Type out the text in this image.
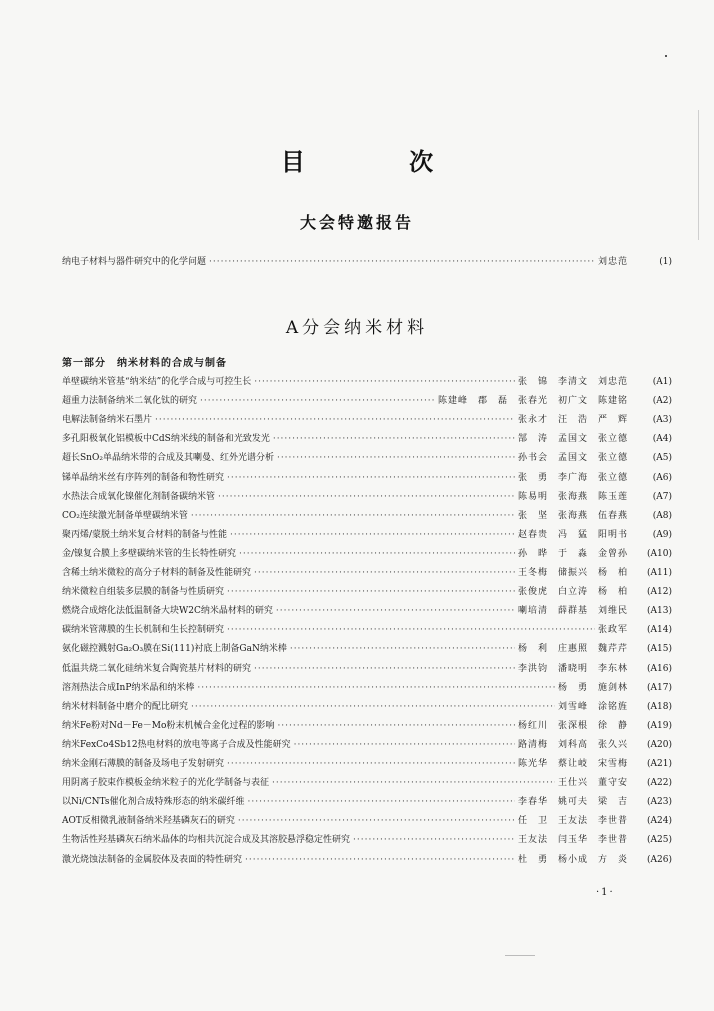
目 次
大会特邀报告
纳电子材料与器件研究中的化学问题 ·····	刘忠范	(1)
A分会纳米材料
第一部分　纳米材料的合成与制备
单壁碳纳米管基“纳米结”的化学合成与可控生长 ·····	张　锦　李清文　刘忠范	(A1)
超重力法制备纳米二氧化钛的研究 ·····	陈建峰　郡　磊　张春光　初广文　陈建铭	(A2)
电解法制备纳米石墨片 ·····	张永才　汪　浩　严　辉	(A3)
多孔阳极氧化铝模板中CdS纳米线的制备和光致发光 ·····	郜　涛　孟国文　张立德	(A4)
超长SnO₂单晶纳米带的合成及其喇曼、红外光谱分析 ·····	孙书会　孟国文　张立德	(A5)
锑单晶纳米丝有序阵列的制备和物性研究 ·····	张　勇　李广海　张立德	(A6)
水热法合成氧化镍催化剂制备碳纳米管 ·····	陈易明　张海燕　陈玉莲	(A7)
CO₂连续激光制备单壁碳纳米管 ·····	张　坚　张海燕　伍春燕	(A8)
聚丙烯/蒙脱土纳米复合材料的制备与性能 ·····	赵春贵　冯　猛　阳明书	(A9)
金/镍复合膜上多壁碳纳米管的生长特性研究 ·····	孙　晔　于　淼　金曾孙	(A10)
含稀土纳米微粒的高分子材料的制备及性能研究 ·····	王冬梅　储振兴　杨　柏	(A11)
纳米微粒自组装多层膜的制备与性质研究 ·····	张俊虎　白立涛　杨　柏	(A12)
燃烧合成熔化法低温制备大块W2C纳米晶材料的研究 ·····	喇培清　薛群基　刘维民	(A13)
碳纳米管薄膜的生长机制和生长控制研究 ·····	张政军	(A14)
氨化磁控溅射Ga₂O₃膜在Si(111)衬底上制备GaN纳米棒 ·····	杨　利　庄惠照　魏芹芹	(A15)
低温共烧二氧化硅纳米复合陶瓷基片材料的研究 ·····	李洪钧　潘晓明　李东林	(A16)
溶剂热法合成InP纳米晶和纳米棒 ·····	杨　勇　施剑林	(A17)
纳米材料制备中磨介的配比研究 ·····	刘雪峰　涂铭旌	(A18)
纳米Fe粉对Nd－Fe－Mo粉末机械合金化过程的影响 ·····	杨红川　张深根　徐　静	(A19)
纳米FexCo4Sb12热电材料的放电等离子合成及性能研究 ·····	路清梅　刘科高　张久兴	(A20)
纳米金刚石薄膜的制备及场电子发射研究 ·····	陈光华　蔡让岐　宋雪梅	(A21)
用阴离子胶束作模板金纳米粒子的光化学制备与表征 ·····	王仕兴　董守安	(A22)
以Ni/CNTs催化剂合成特殊形态的纳米碳纤维 ·····	李春华　姚可夫　梁　吉	(A23)
AOT反相微乳液制备纳米羟基磷灰石的研究 ·····	任　卫　王友法　李世普	(A24)
生物活性羟基磷灰石纳米晶体的均相共沉淀合成及其溶胶悬浮稳定性研究 ·····	王友法　闫玉华　李世普	(A25)
激光烧蚀法制备的金属胶体及表面的特性研究 ·····	杜　勇　杨小成　方　炎	(A26)
·1·
